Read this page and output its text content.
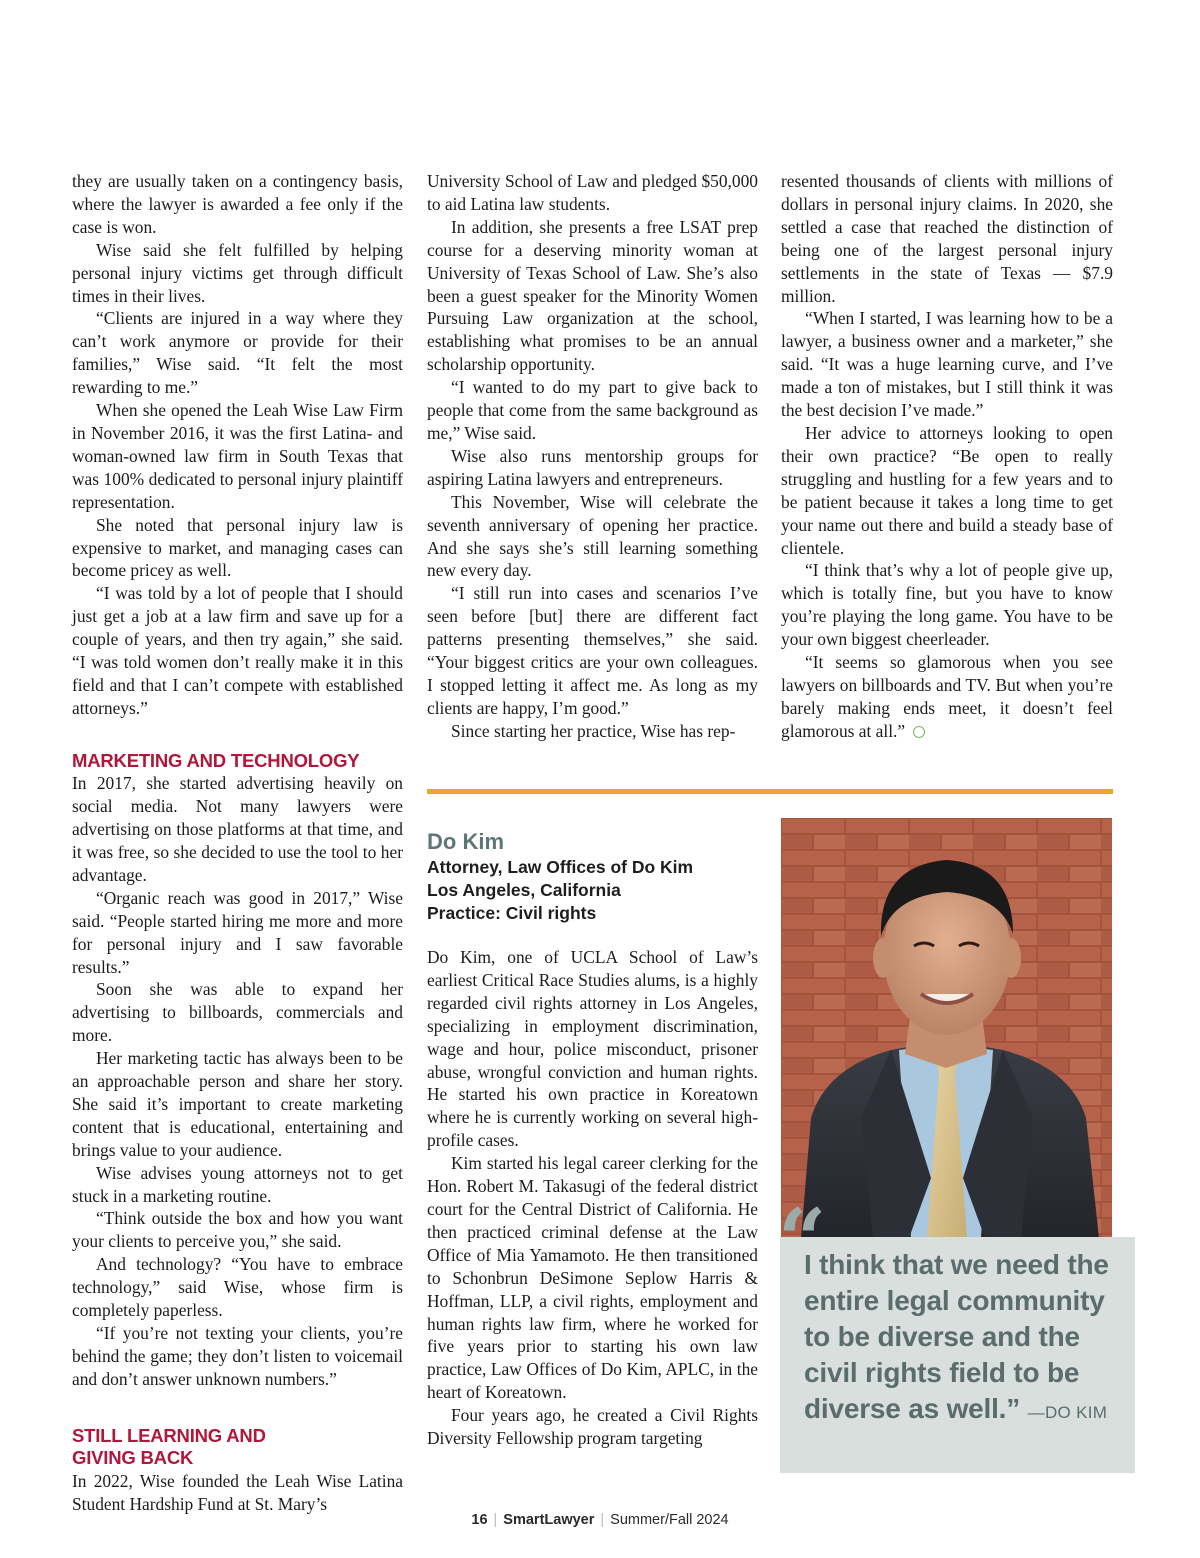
they are usually taken on a contingency basis, where the lawyer is awarded a fee only if the case is won.

Wise said she felt fulfilled by helping personal injury victims get through difficult times in their lives.

“Clients are injured in a way where they can’t work anymore or provide for their families,” Wise said. “It felt the most rewarding to me.”

When she opened the Leah Wise Law Firm in November 2016, it was the first Latina- and woman-owned law firm in South Texas that was 100% dedicated to personal injury plaintiff representation.

She noted that personal injury law is expensive to market, and managing cases can become pricey as well.

“I was told by a lot of people that I should just get a job at a law firm and save up for a couple of years, and then try again,” she said. “I was told women don’t really make it in this field and that I can’t compete with established attorneys.”

MARKETING AND TECHNOLOGY

In 2017, she started advertising heavily on social media. Not many lawyers were advertising on those platforms at that time, and it was free, so she decided to use the tool to her advantage.

“Organic reach was good in 2017,” Wise said. “People started hiring me more and more for personal injury and I saw favorable results.”

Soon she was able to expand her advertising to billboards, commercials and more.

Her marketing tactic has always been to be an approachable person and share her story. She said it’s important to create marketing content that is educational, entertaining and brings value to your audience.

Wise advises young attorneys not to get stuck in a marketing routine.

“Think outside the box and how you want your clients to perceive you,” she said.

And technology? “You have to embrace technology,” said Wise, whose firm is completely paperless.

“If you’re not texting your clients, you’re behind the game; they don’t listen to voicemail and don’t answer unknown numbers.”

STILL LEARNING AND
GIVING BACK

In 2022, Wise founded the Leah Wise Latina Student Hardship Fund at St. Mary’s

University School of Law and pledged $50,000 to aid Latina law students.

In addition, she presents a free LSAT prep course for a deserving minority woman at University of Texas School of Law. She’s also been a guest speaker for the Minority Women Pursuing Law organization at the school, establishing what promises to be an annual scholarship opportunity.

“I wanted to do my part to give back to people that come from the same background as me,” Wise said.

Wise also runs mentorship groups for aspiring Latina lawyers and entrepreneurs.

This November, Wise will celebrate the seventh anniversary of opening her practice. And she says she’s still learning something new every day.

“I still run into cases and scenarios I’ve seen before [but] there are different fact patterns presenting themselves,” she said. “Your biggest critics are your own colleagues. I stopped letting it affect me. As long as my clients are happy, I’m good.”

Since starting her practice, Wise has rep-

resented thousands of clients with millions of dollars in personal injury claims. In 2020, she settled a case that reached the distinction of being one of the largest personal injury settlements in the state of Texas — $7.9 million.

“When I started, I was learning how to be a lawyer, a business owner and a marketer,” she said. “It was a huge learning curve, and I’ve made a ton of mistakes, but I still think it was the best decision I’ve made.”

Her advice to attorneys looking to open their own practice? “Be open to really struggling and hustling for a few years and to be patient because it takes a long time to get your name out there and build a steady base of clientele.

“I think that’s why a lot of people give up, which is totally fine, but you have to know you’re playing the long game. You have to be your own biggest cheerleader.

“It seems so glamorous when you see lawyers on billboards and TV. But when you’re barely making ends meet, it doesn’t feel glamorous at all.”

Do Kim
Attorney, Law Offices of Do Kim
Los Angeles, California
Practice: Civil rights

Do Kim, one of UCLA School of Law’s earliest Critical Race Studies alums, is a highly regarded civil rights attorney in Los Angeles, specializing in employment discrimination, wage and hour, police misconduct, prisoner abuse, wrongful conviction and human rights. He started his own practice in Koreatown where he is currently working on several high-profile cases.

Kim started his legal career clerking for the Hon. Robert M. Takasugi of the federal district court for the Central District of California. He then practiced criminal defense at the Law Office of Mia Yamamoto. He then transitioned to Schonbrun DeSimone Seplow Harris & Hoffman, LLP, a civil rights, employment and human rights law firm, where he worked for five years prior to starting his own law practice, Law Offices of Do Kim, APLC, in the heart of Koreatown.

Four years ago, he created a Civil Rights Diversity Fellowship program targeting

I think that we need the entire legal community to be diverse and the civil rights field to be diverse as well.” —DO KIM
“
16 | SmartLawyer | Summer/Fall 2024
